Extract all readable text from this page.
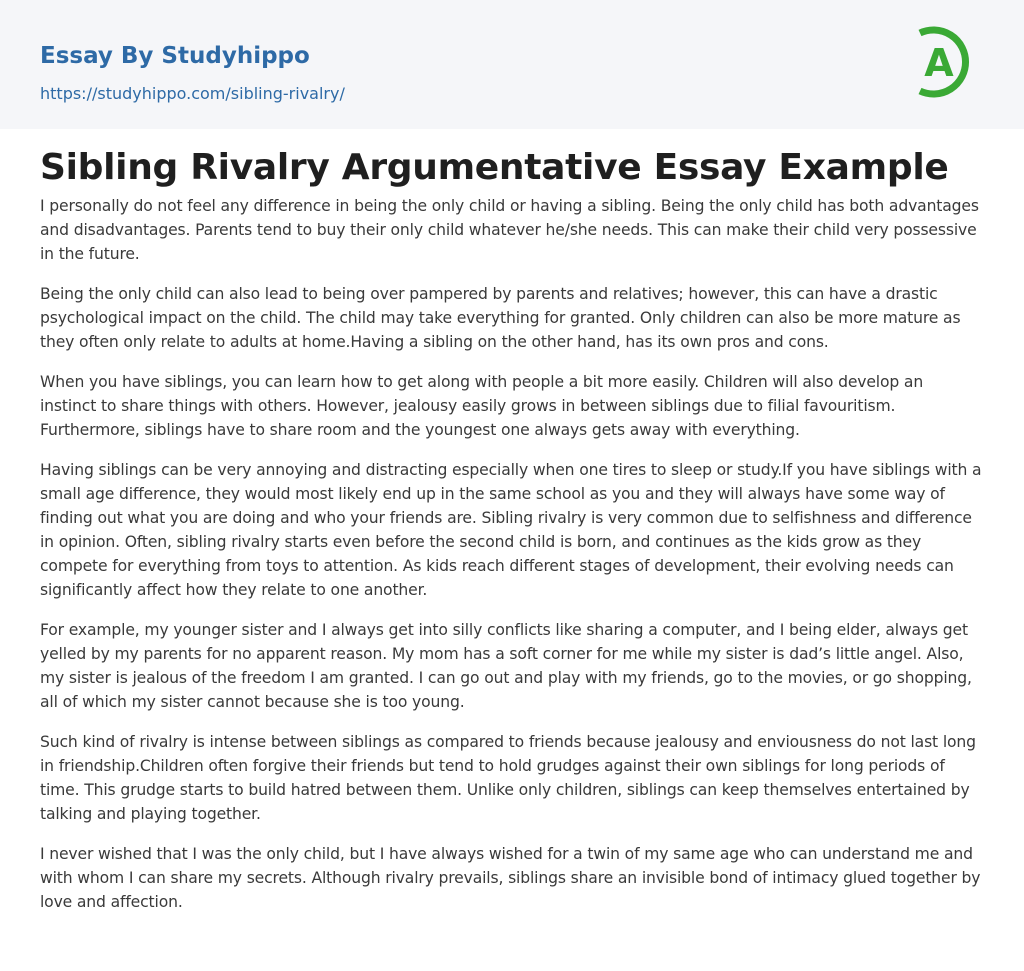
Essay By Studyhippo
https://studyhippo.com/sibling-rivalry/
A
Sibling Rivalry Argumentative Essay Example

I personally do not feel any difference in being the only child or having a sibling. Being the only child has both advantages and disadvantages. Parents tend to buy their only child whatever he/she needs. This can make their child very possessive in the future.

Being the only child can also lead to being over pampered by parents and relatives; however, this can have a drastic psychological impact on the child. The child may take everything for granted. Only children can also be more mature as they often only relate to adults at home.Having a sibling on the other hand, has its own pros and cons.

When you have siblings, you can learn how to get along with people a bit more easily. Children will also develop an instinct to share things with others. However, jealousy easily grows in between siblings due to filial favouritism. Furthermore, siblings have to share room and the youngest one always gets away with everything.

Having siblings can be very annoying and distracting especially when one tires to sleep or study.If you have siblings with a small age difference, they would most likely end up in the same school as you and they will always have some way of finding out what you are doing and who your friends are. Sibling rivalry is very common due to selfishness and difference in opinion. Often, sibling rivalry starts even before the second child is born, and continues as the kids grow as they compete for everything from toys to attention. As kids reach different stages of development, their evolving needs can significantly affect how they relate to one another.

For example, my younger sister and I always get into silly conflicts like sharing a computer, and I being elder, always get yelled by my parents for no apparent reason. My mom has a soft corner for me while my sister is dad’s little angel. Also, my sister is jealous of the freedom I am granted. I can go out and play with my friends, go to the movies, or go shopping, all of which my sister cannot because she is too young.

Such kind of rivalry is intense between siblings as compared to friends because jealousy and enviousness do not last long in friendship.Children often forgive their friends but tend to hold grudges against their own siblings for long periods of time. This grudge starts to build hatred between them. Unlike only children, siblings can keep themselves entertained by talking and playing together.

I never wished that I was the only child, but I have always wished for a twin of my same age who can understand me and with whom I can share my secrets. Although rivalry prevails, siblings share an invisible bond of intimacy glued together by love and affection.
